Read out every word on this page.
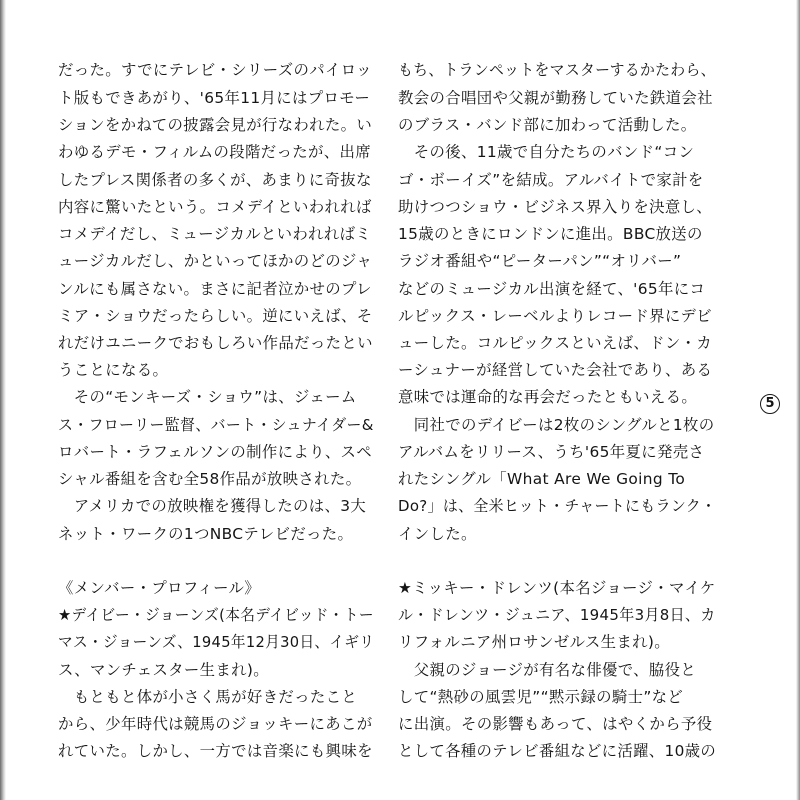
だった。すでにテレビ・シリーズのパイロッ
ト版もできあがり、'65年11月にはプロモー
ションをかねての披露会見が行なわれた。い
わゆるデモ・フィルムの段階だったが、出席
したプレス関係者の多くが、あまりに奇抜な
内容に驚いたという。コメデイといわれれば
コメデイだし、ミュージカルといわれればミ
ュージカルだし、かといってほかのどのジャ
ンルにも属さない。まさに記者泣かせのプレ
ミア・ショウだったらしい。逆にいえば、そ
れだけユニークでおもしろい作品だったとい
うことになる。
　その“モンキーズ・ショウ”は、ジェーム
ス・フローリー監督、バート・シュナイダー&
ロバート・ラフェルソンの制作により、スペ
シャル番組を含む全58作品が放映された。
　アメリカでの放映権を獲得したのは、3大
ネット・ワークの1つNBCテレビだった。
《メンバー・プロフィール》
★デイビー・ジョーンズ(本名デイビッド・トー
マス・ジョーンズ、1945年12月30日、イギリ
ス、マンチェスター生まれ)。
　もともと体が小さく馬が好きだったこと
から、少年時代は競馬のジョッキーにあこが
れていた。しかし、一方では音楽にも興味を
もち、トランペットをマスターするかたわら、
教会の合唱団や父親が勤務していた鉄道会社
のブラス・バンド部に加わって活動した。
　その後、11歳で自分たちのバンド“コン
ゴ・ボーイズ”を結成。アルバイトで家計を
助けつつショウ・ビジネス界入りを決意し、
15歳のときにロンドンに進出。BBC放送の
ラジオ番組や“ピーターパン”“オリバー”
などのミュージカル出演を経て、'65年にコ
ルピックス・レーベルよりレコード界にデビ
ューした。コルピックスといえば、ドン・カ
ーシュナーが経営していた会社であり、ある
意味では運命的な再会だったともいえる。
　同社でのデイビーは2枚のシングルと1枚の
アルバムをリリース、うち'65年夏に発売さ
れたシングル「What Are We Going To
Do?」は、全米ヒット・チャートにもランク・
インした。
★ミッキー・ドレンツ(本名ジョージ・マイケ
ル・ドレンツ・ジュニア、1945年3月8日、カ
リフォルニア州ロサンゼルス生まれ)。
　父親のジョージが有名な俳優で、脇役と
して“熱砂の風雲児”“黙示録の騎士”など
に出演。その影響もあって、はやくから予役
として各種のテレビ番組などに活躍、10歳の
5
